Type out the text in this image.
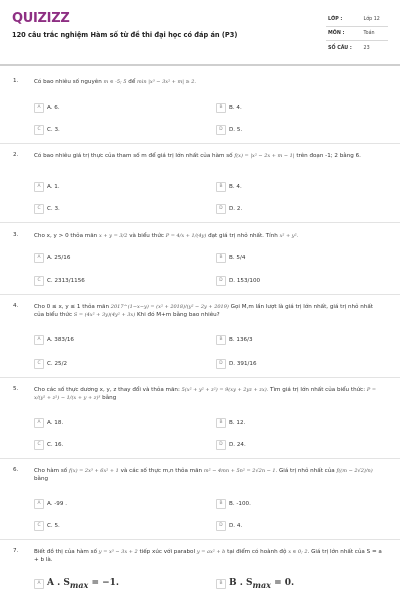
QUIZIZZ
120 câu trắc nghiệm Hàm số từ đề thi đại học có đáp án (P3)
LỚP :	Lớp 12
MÔN :	Toán
SỐ CÂU : 23
1.	Có bao nhiêu số nguyên m ∈ -5; 5 để min |x³ − 3x² + m| ≥ 2.
A	A. 6.	B	B. 4.
C	C. 3.	D	D. 5.
2.	Có bao nhiêu giá trị thực của tham số m để giá trị lớn nhất của hàm số f(x) = |x² − 2x + m − 1| trên đoạn -1; 2 bằng 6.
A	A. 1.	B	B. 4.
C	C. 3.	D	D. 2.
3.	Cho x, y > 0 thỏa mãn x + y = 3/2 và biểu thức P = 4/x + 1/(4y) đạt giá trị nhỏ nhất. Tính x² + y².
A	A. 25/16	B	B. 5/4
C	C. 2313/1156	D	D. 153/100
4.	Cho 0 ≤ x, y ≤ 1 thỏa mãn 2017^(1−x−y) = (x² + 2018)/(y² − 2y + 2019) Gọi M,m lần lượt là giá trị lớn nhất, giá trị nhỏ nhất của biểu thức S = (4x² + 3y)(4y² + 3x) Khi đó M+m bằng bao nhiêu?
A	A. 383/16	B	B. 136/3
C	C. 25/2	D	D. 391/16
5.	Cho các số thực dương x, y, z thay đổi và thỏa mãn: 5(x² + y² + z²) = 9(xy + 2yz + zx). Tìm giá trị lớn nhất của biểu thức: P = x/(y² + z²) − 1/(x + y + z)³ bằng
A	A. 18.	B	B. 12.
C	C. 16.	D	D. 24.
6.	Cho hàm số f(x) = 2x³ + 6x² + 1 và các số thực m,n thỏa mãn m² − 4mn + 5n² = 2√2n − 1. Giá trị nhỏ nhất của f((m − 2√2)/n) bằng
A	A. -99 .	B	B. -100.
C	C. 5.	D	D. 4.
7.	Biết đồ thị của hàm số y = x³ − 3x + 2 tiếp xúc với parabol y = ax² + b tại điểm có hoành độ x ∈ 0; 2. Giá trị lớn nhất của S = a + b là.
A A . $S_{max} = -1$.	B B . $S_{max} = 0$.
